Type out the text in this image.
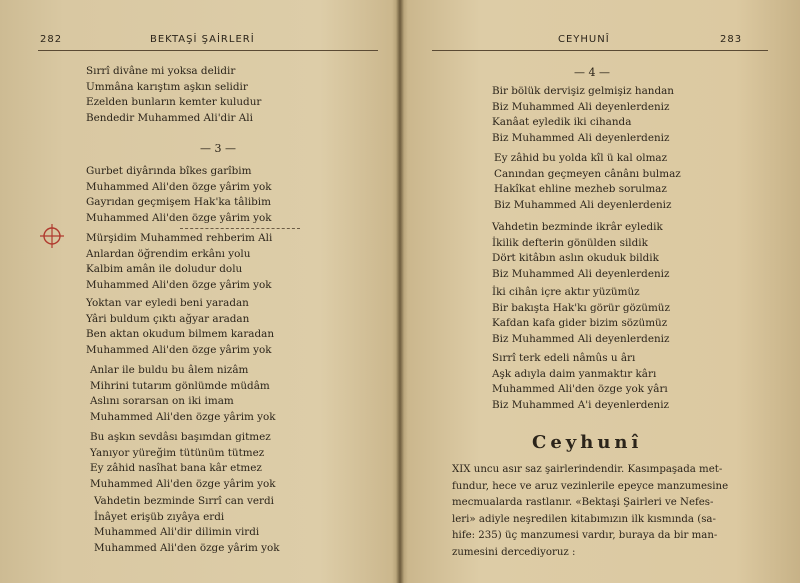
282	BEKTAŞİ ŞAİRLERİ
Sırrî divâne mi yoksa delidir
Ummâna karıştım aşkın selidir
Ezelden bunların kemter kuludur
Bendedir Muhammed Ali'dir Ali
— 3 —
Gurbet diyârında bîkes garîbim
Muhammed Ali'den özge yârim yok
Gayrıdan geçmişem Hak'ka tâlibim
Muhammed Ali'den özge yârim yok
Mürşidim Muhammed rehberim Ali
Anlardan öğrendim erkânı yolu
Kalbim amân ile doludur dolu
Muhammed Ali'den özge yârim yok
Yoktan var eyledi beni yaradan
Yâri buldum çıktı ağyar aradan
Ben aktan okudum bilmem karadan
Muhammed Ali'den özge yârim yok
Anlar ile buldu bu âlem nizâm
Mihrini tutarım gönlümde müdâm
Aslını sorarsan on iki imam
Muhammed Ali'den özge yârim yok
Bu aşkın sevdâsı başımdan gitmez
Yanıyor yüreğim tütünüm tütmez
Ey zâhid nasîhat bana kâr etmez
Muhammed Ali'den özge yârim yok
Vahdetin bezminde Sırrî can verdi
İnâyet erişüb zıyâya erdi
Muhammed Ali'dir dilimin virdi
Muhammed Ali'den özge yârim yok
CEYHUNÎ	283
— 4 —
Bir bölük dervişiz gelmişiz handan
Biz Muhammed Ali deyenlerdeniz
Kanâat eyledik iki cihanda
Biz Muhammed Ali deyenlerdeniz
Ey zâhid bu yolda kîl ü kal olmaz
Canından geçmeyen cânânı bulmaz
Hakîkat ehline mezheb sorulmaz
Biz Muhammed Ali deyenlerdeniz
Vahdetin bezminde ikrâr eyledik
İkilik defterin gönülden sildik
Dört kitâbın aslın okuduk bildik
Biz Muhammed Ali deyenlerdeniz
İki cihân içre aktır yüzümüz
Bir bakışta Hak'kı görür gözümüz
Kafdan kafa gider bizim sözümüz
Biz Muhammed Ali deyenlerdeniz
Sırrî terk edeli nâmûs u ârı
Aşk adıyla daim yanmaktır kârı
Muhammed Ali'den özge yok yârı
Biz Muhammed A'i deyenlerdeniz
Ceyhunî
XIX uncu asır saz şairlerindendir. Kasımpaşada met-
fundur, hece ve aruz vezinlerile epeyce manzumesine
mecmualarda rastlanır. «Bektaşi Şairleri ve Nefes-
leri» adiyle neşredilen kitabımızın ilk kısmında (sa-
hife: 235) üç manzumesi vardır, buraya da bir man-
zumesini dercediyoruz :
